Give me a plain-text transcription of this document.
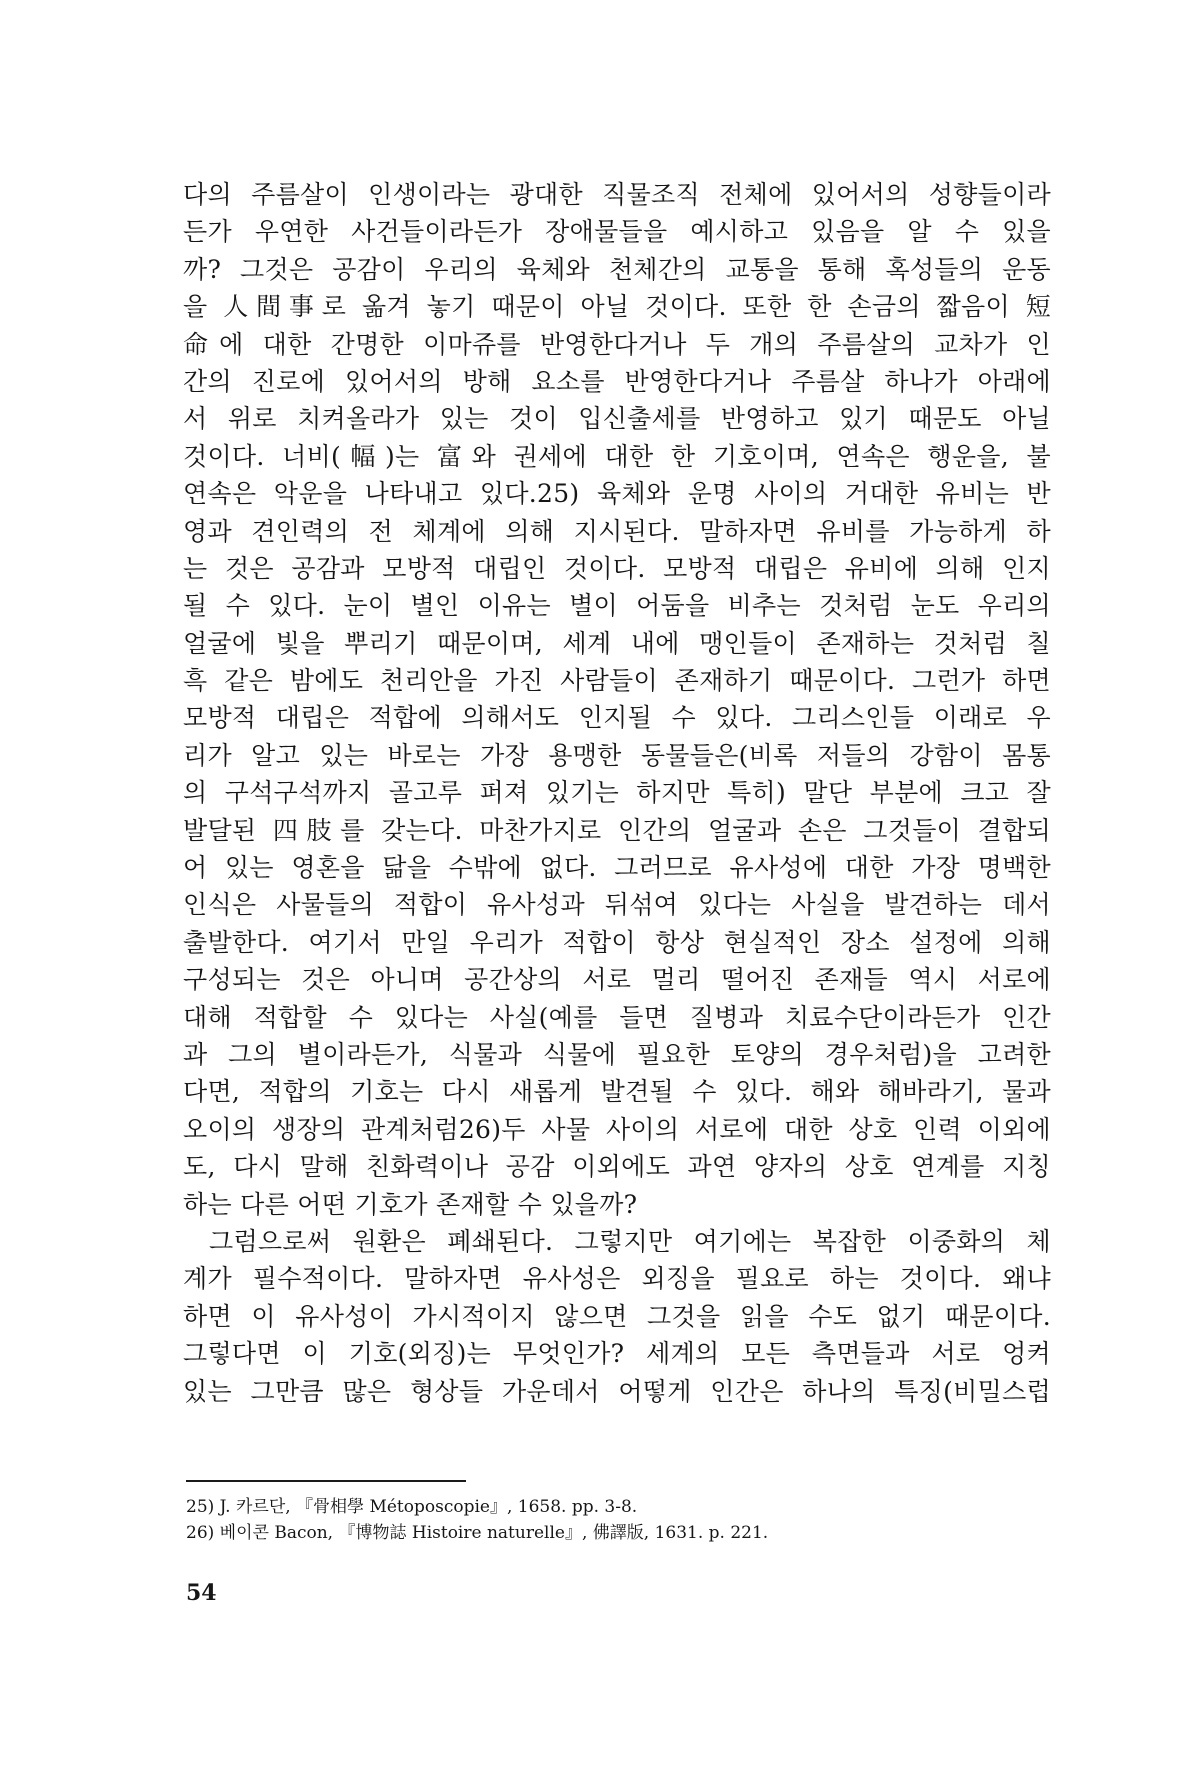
다의 주름살이 인생이라는 광대한 직물조직 전체에 있어서의 성향들이라
든가 우연한 사건들이라든가 장애물들을 예시하고 있음을 알 수 있을
까? 그것은 공감이 우리의 육체와 천체간의 교통을 통해 혹성들의 운동
을 人間事로 옮겨 놓기 때문이 아닐 것이다. 또한 한 손금의 짧음이 短
命에 대한 간명한 이마쥬를 반영한다거나 두 개의 주름살의 교차가 인
간의 진로에 있어서의 방해 요소를 반영한다거나 주름살 하나가 아래에
서 위로 치켜올라가 있는 것이 입신출세를 반영하고 있기 때문도 아닐
것이다. 너비(幅)는 富와 권세에 대한 한 기호이며, 연속은 행운을, 불
연속은 악운을 나타내고 있다.25) 육체와 운명 사이의 거대한 유비는 반
영과 견인력의 전 체계에 의해 지시된다. 말하자면 유비를 가능하게 하
는 것은 공감과 모방적 대립인 것이다. 모방적 대립은 유비에 의해 인지
될 수 있다. 눈이 별인 이유는 별이 어둠을 비추는 것처럼 눈도 우리의
얼굴에 빛을 뿌리기 때문이며, 세계 내에 맹인들이 존재하는 것처럼 칠
흑 같은 밤에도 천리안을 가진 사람들이 존재하기 때문이다. 그런가 하면
모방적 대립은 적합에 의해서도 인지될 수 있다. 그리스인들 이래로 우
리가 알고 있는 바로는 가장 용맹한 동물들은(비록 저들의 강함이 몸통
의 구석구석까지 골고루 퍼져 있기는 하지만 특히) 말단 부분에 크고 잘
발달된 四肢를 갖는다. 마찬가지로 인간의 얼굴과 손은 그것들이 결합되
어 있는 영혼을 닮을 수밖에 없다. 그러므로 유사성에 대한 가장 명백한
인식은 사물들의 적합이 유사성과 뒤섞여 있다는 사실을 발견하는 데서
출발한다. 여기서 만일 우리가 적합이 항상 현실적인 장소 설정에 의해
구성되는 것은 아니며 공간상의 서로 멀리 떨어진 존재들 역시 서로에
대해 적합할 수 있다는 사실(예를 들면 질병과 치료수단이라든가 인간
과 그의 별이라든가, 식물과 식물에 필요한 토양의 경우처럼)을 고려한
다면, 적합의 기호는 다시 새롭게 발견될 수 있다. 해와 해바라기, 물과
오이의 생장의 관계처럼26)두 사물 사이의 서로에 대한 상호 인력 이외에
도, 다시 말해 친화력이나 공감 이외에도 과연 양자의 상호 연계를 지칭
하는 다른 어떤 기호가 존재할 수 있을까?
그럼으로써 원환은 폐쇄된다. 그렇지만 여기에는 복잡한 이중화의 체
계가 필수적이다. 말하자면 유사성은 외징을 필요로 하는 것이다. 왜냐
하면 이 유사성이 가시적이지 않으면 그것을 읽을 수도 없기 때문이다.
그렇다면 이 기호(외징)는 무엇인가? 세계의 모든 측면들과 서로 엉켜
있는 그만큼 많은 형상들 가운데서 어떻게 인간은 하나의 특징(비밀스럽
25) J. 카르단, 『骨相學 Métoposcopie』, 1658. pp. 3-8.
26) 베이콘 Bacon, 『博物誌 Histoire naturelle』, 佛譯版, 1631. p. 221.
54
